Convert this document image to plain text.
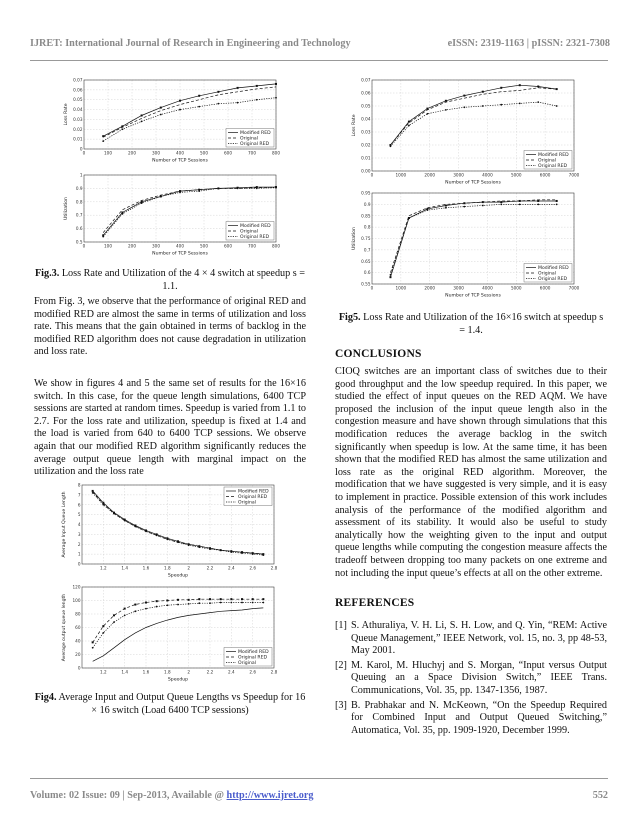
IJRET: International Journal of Research in Engineering and Technology	eISSN: 2319-1163 | pISSN: 2321-7308
0
0.01
0.02
0.03
0.04
0.05
0.06
0.07
0	100	200	300	400	500	600	700	800
Number of TCP Sessions
Loss Rate
Modified RED
Original
Original RED
0.5
0.6
0.7
0.8
0.9
1
0	100	200	300	400	500	600	700	800
Number of TCP Sessions
Utilization
Modified RED
Original
Original RED
Fig.3. Loss Rate and Utilization of the 4 × 4 switch at speedup s = 1.1.
From Fig. 3, we observe that the performance of original RED and modified RED are almost the same in terms of utilization and loss rate. This means that the gain obtained in terms of backlog in the modified RED algorithm does not cause degradation in utilization and loss rate.
We show in figures 4 and 5 the same set of results for the 16×16 switch. In this case, for the queue length simulations, 6400 TCP sessions are started at random times. Speedup is varied from 1.1 to 2.7. For the loss rate and utilization, speedup is fixed at 1.4 and the load is varied from 640 to 6400 TCP sessions. We observe again that our modified RED algorithm significantly reduces the average output queue length with marginal impact on the utilization and the loss rate
0
1
2
3
4
5
6
7
8
1.2	1.4	1.6	1.8	2	2.2	2.4	2.6	2.8
Speedup
Average Input Queue Length	Modified RED
Original RED
Original
0
20
40
60
80
100
120
1.2	1.4	1.6	1.8	2	2.2	2.4	2.6	2.8
Speedup
Average output queue length	Modified RED
Original RED
Original
Fig4. Average Input and Output Queue Lengths vs Speedup for 16 × 16 switch (Load 6400 TCP sessions)
0.00
0.01
0.02
0.03
0.04
0.05
0.06
0.07
0	1000	2000	3000	4000	5000	6000	7000
Number of TCP Sessions
Loss Rate
Modified RED
Original
Original RED
0.55
0.6
0.65
0.7
0.75
0.8
0.85
0.9
0.95
0	1000	2000	3000	4000	5000	6000	7000
Number of TCP Sessions
Utilization
Modified RED
Original
Original RED
Fig5. Loss Rate and Utilization of the 16×16 switch at speedup s = 1.4.
CONCLUSIONS
CIOQ switches are an important class of switches due to their good throughput and the low speedup required. In this paper, we studied the effect of input queues on the RED AQM. We have proposed the inclusion of the input queue length also in the congestion measure and have shown through simulations that this modification reduces the average backlog in the switch significantly when speedup is low. At the same time, it has been shown that the modified RED has almost the same utilization and loss rate as the original RED algorithm. Moreover, the modification that we have suggested is very simple, and it is easy to implement in practice. Possible extension of this work includes analysis of the performance of the modified algorithm and assessment of its stability. It would also be useful to study analytically how the weighting given to the input and output queue lengths while computing the congestion measure affects the tradeoff between dropping too many packets on one extreme and not including the input queue’s effects at all on the other extreme.
REFERENCES
[1] S. Athuraliya, V. H. Li, S. H. Low, and Q. Yin, “REM: Active Queue Management,” IEEE Network, vol. 15, no. 3, pp 48-53, May 2001.
[2] M. Karol, M. Hluchyj and S. Morgan, “Input versus Output Queuing an a Space Division Switch,” IEEE Trans. Communications, Vol. 35, pp. 1347-1356, 1987.
[3] B. Prabhakar and N. McKeown, “On the Speedup Required for Combined Input and Output Queued Switching,” Automatica, Vol. 35, pp. 1909-1920, December 1999.
Volume: 02 Issue: 09 | Sep-2013, Available @ http://www.ijret.org	552
